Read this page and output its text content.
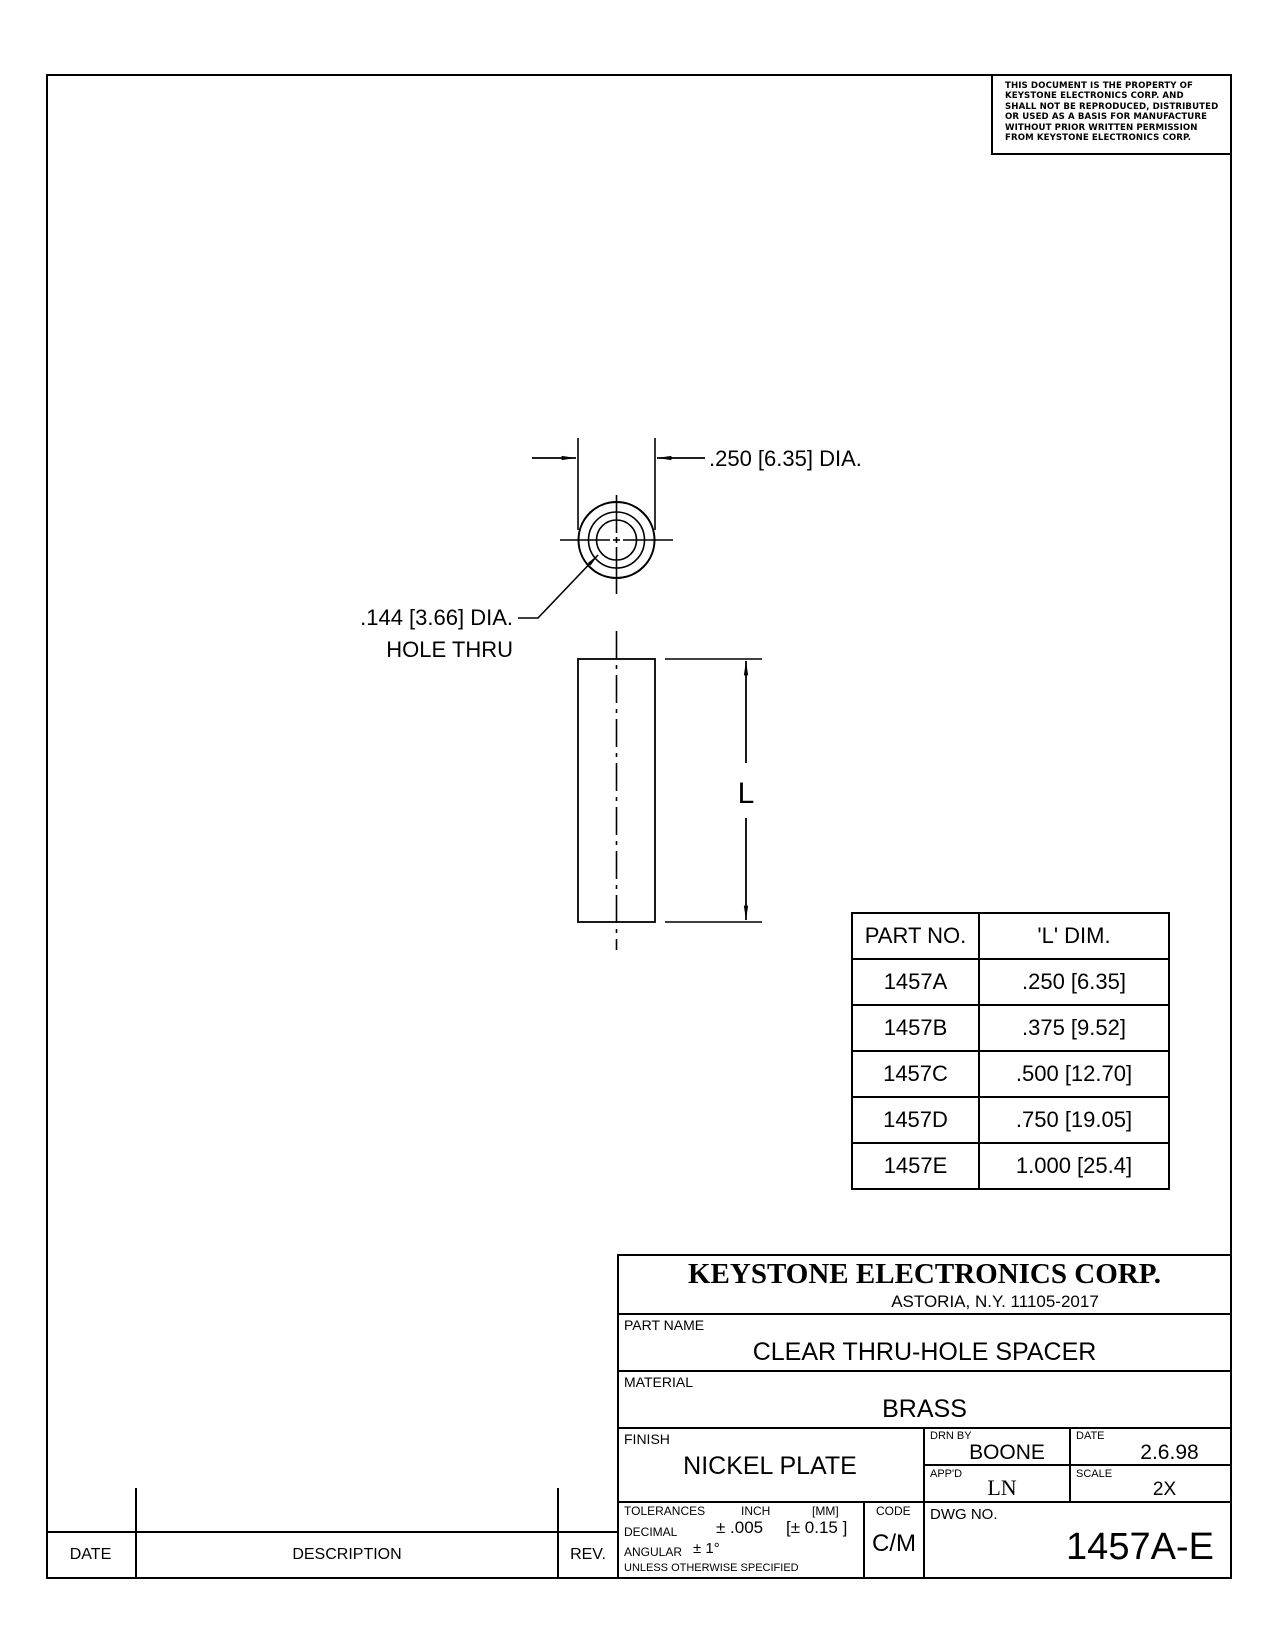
THIS DOCUMENT IS THE PROPERTY OF
KEYSTONE ELECTRONICS CORP. AND
SHALL NOT BE REPRODUCED, DISTRIBUTED
OR USED AS A BASIS FOR MANUFACTURE
WITHOUT PRIOR WRITTEN PERMISSION
FROM KEYSTONE ELECTRONICS CORP.
.250 [6.35] DIA.
.144 [3.66] DIA.
HOLE THRU
L
PART NO.	'L' DIM.
1457A	.250 [6.35]
1457B	.375 [9.52]
1457C	.500 [12.70]
1457D	.750 [19.05]
1457E	1.000 [25.4]
KEYSTONE ELECTRONICS CORP.
ASTORIA, N.Y. 11105-2017
PART NAME
CLEAR THRU-HOLE SPACER
MATERIAL
BRASS
FINISH
NICKEL PLATE
DRN BY
BOONE
DATE
2.6.98
APP'D
LN
SCALE
2X
TOLERANCES	INCH	[MM]	CODE
DECIMAL ± .005 [± 0.15 ]
ANGULAR ± 1°
UNLESS OTHERWISE SPECIFIED
C/M
DWG NO.
1457A-E
DATE	DESCRIPTION	REV.
